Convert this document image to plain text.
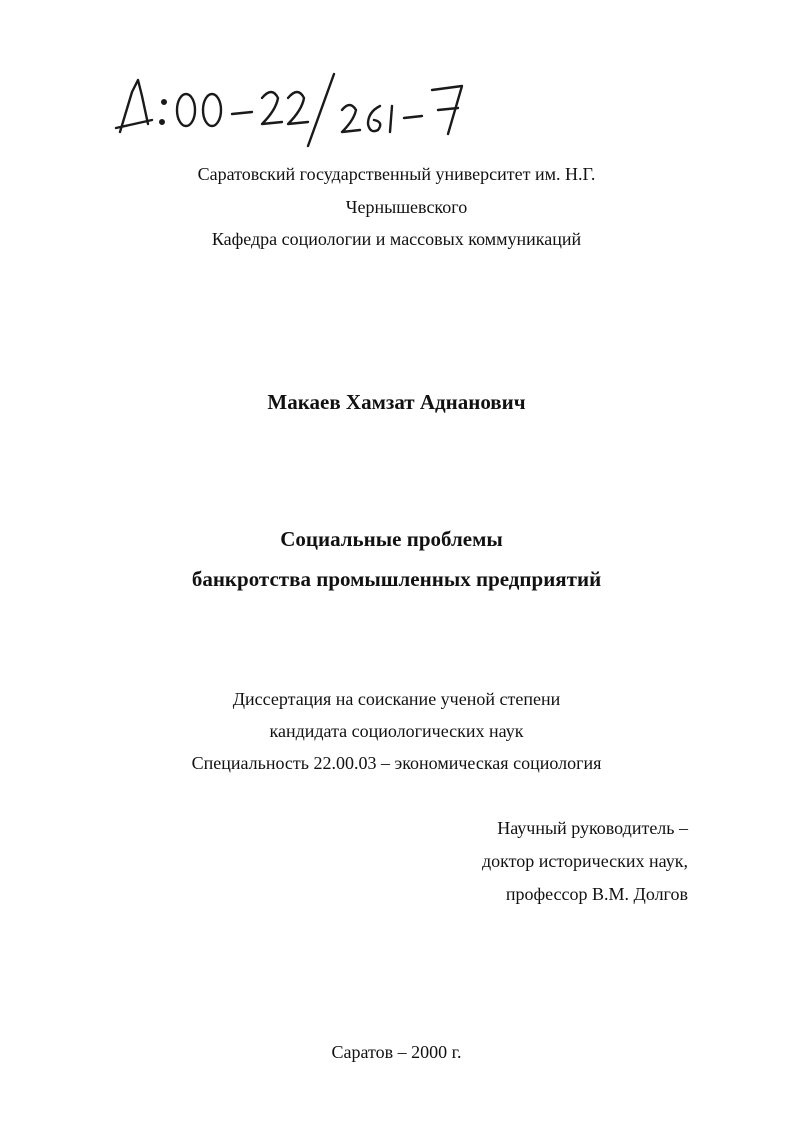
Саратовский государственный университет им. Н.Г.
Чернышевского
Кафедра социологии и массовых коммуникаций
Макаев Хамзат Аднанович
Социальные проблемы
банкротства промышленных предприятий
Диссертация на соискание ученой степени
кандидата социологических наук
Специальность 22.00.03 – экономическая социология
Научный руководитель –
доктор исторических наук,
профессор В.М. Долгов
Саратов – 2000 г.
